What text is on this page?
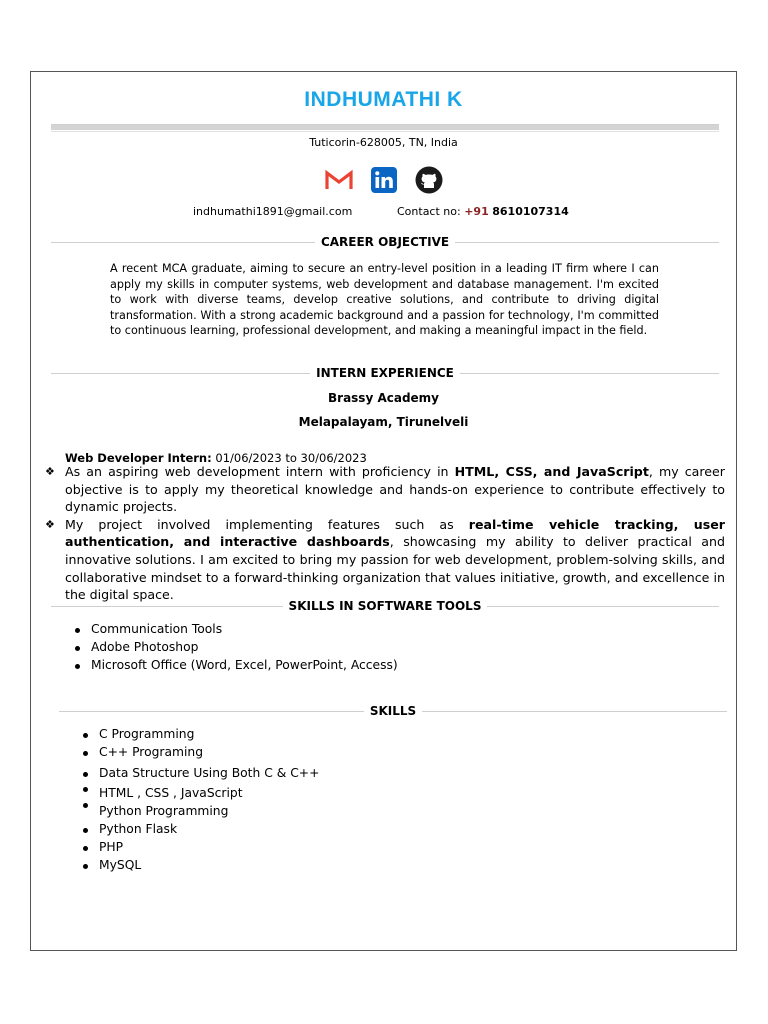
INDHUMATHI K
Tuticorin-628005, TN, India
indhumathi1891@gmail.com	Contact no: +91 8610107314
CAREER OBJECTIVE
A recent MCA graduate, aiming to secure an entry-level position in a leading IT firm where I can apply my skills in computer systems, web development and database management. I'm excited to work with diverse teams, develop creative solutions, and contribute to driving digital transformation. With a strong academic background and a passion for technology, I'm committed to continuous learning, professional development, and making a meaningful impact in the field.
INTERN EXPERIENCE
Brassy Academy
Melapalayam, Tirunelveli
Web Developer Intern: 01/06/2023 to 30/06/2023
❖ As an aspiring web development intern with proficiency in HTML, CSS, and JavaScript, my career objective is to apply my theoretical knowledge and hands-on experience to contribute effectively to dynamic projects.
❖ My project involved implementing features such as real-time vehicle tracking, user authentication, and interactive dashboards, showcasing my ability to deliver practical and innovative solutions. I am excited to bring my passion for web development, problem-solving skills, and collaborative mindset to a forward-thinking organization that values initiative, growth, and excellence in the digital space.
SKILLS IN SOFTWARE TOOLS
Communication Tools
Adobe Photoshop
Microsoft Office (Word, Excel, PowerPoint, Access)
SKILLS
C Programming
C++ Programing
Data Structure Using Both C & C++
HTML , CSS , JavaScript
Python Programming
Python Flask
PHP
MySQL
